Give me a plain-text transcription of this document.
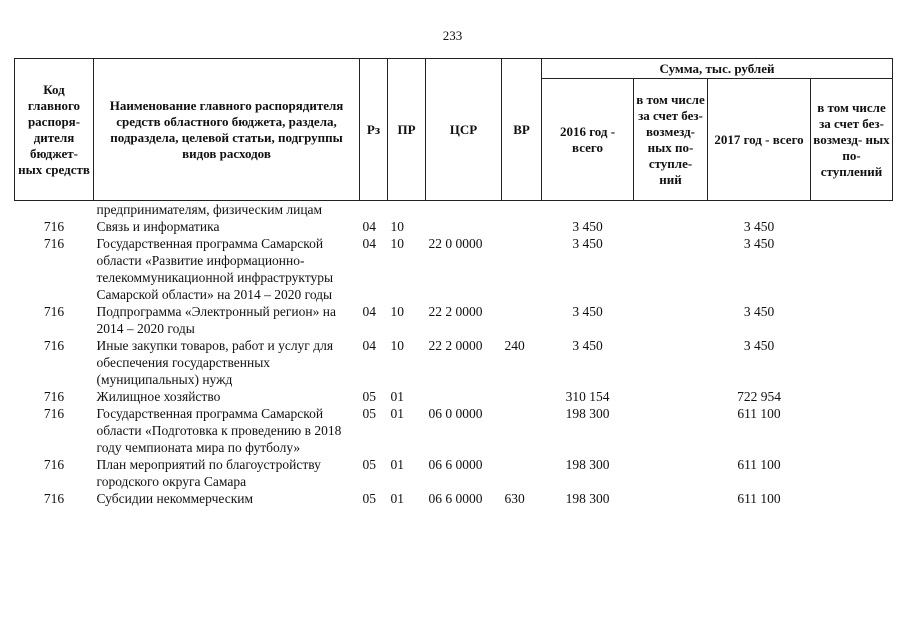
233
Код главного распоря- дителя бюджет- ных средств	Наименование главного распорядителя средств областного бюджета, раздела, подраздела, целевой статьи, подгруппы видов расходов	Рз	ПР	ЦСР	ВР	Сумма, тыс. рублей			
						2016 год - всего	в том числе за счет без- возмезд- ных по- ступле- ний	2017 год - всего	в том числе за счет без- возмезд- ных по- ступлений
	предпринимателям, физическим лицам								
716	Связь и информатика	04	10			3 450		3 450	
716	Государственная программа Самарской области «Развитие информационно-телекоммуникационной инфраструктуры Самарской области» на 2014 – 2020 годы	04	10	22 0 0000		3 450		3 450	
716	Подпрограмма «Электронный регион» на 2014 – 2020 годы	04	10	22 2 0000		3 450		3 450	
716	Иные закупки товаров, работ и услуг для обеспечения государственных (муниципальных) нужд	04	10	22 2 0000	240	3 450		3 450	
716	Жилищное хозяйство	05	01			310 154		722 954	
716	Государственная программа Самарской области «Подготовка к проведению в 2018 году чемпионата мира по футболу»	05	01	06 0 0000		198 300		611 100	
716	План мероприятий по благоустройству городского округа Самара	05	01	06 6 0000		198 300		611 100	
716	Субсидии некоммерческим	05	01	06 6 0000	630	198 300		611 100	
